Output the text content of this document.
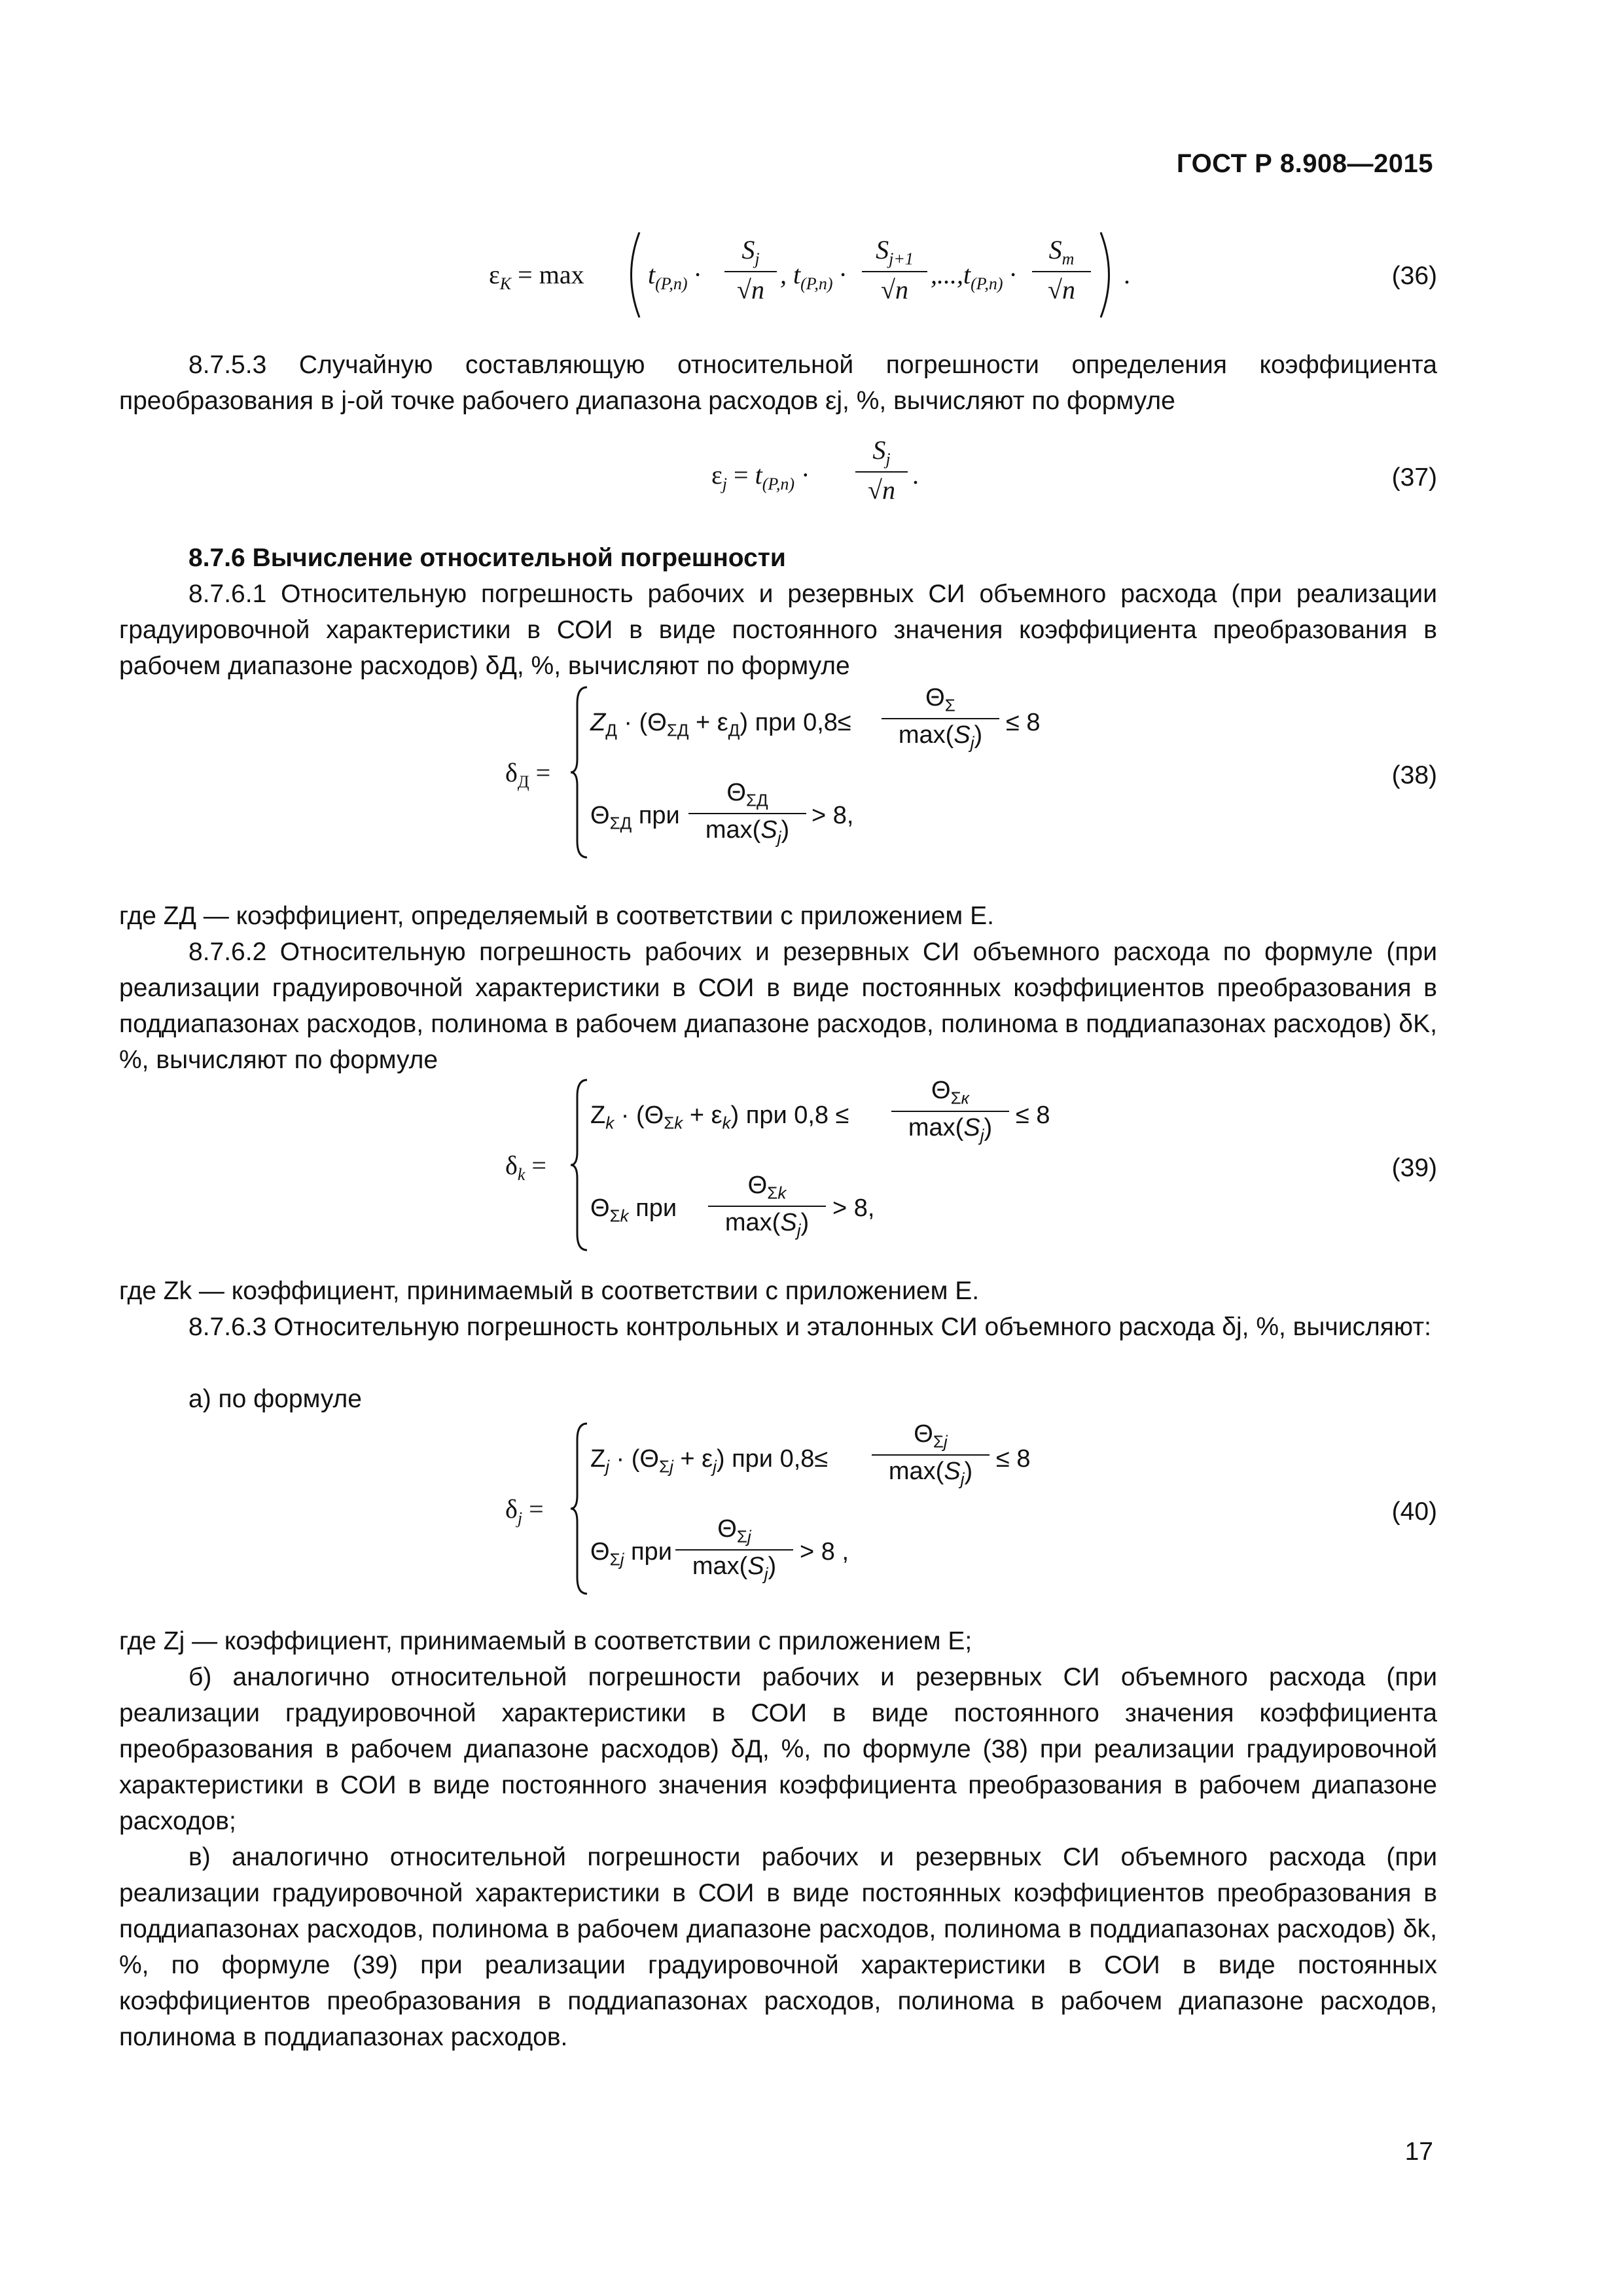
ГОСТ Р 8.908—2015
$\varepsilon_K = \max t_{(P,n)}$ ·
$S_j$
√n
, $t_{(P,n)}$ ·
$S_{j+1}$
√n
$,...,t_{(P,n)}$ ·
$S_m$
√n
.	(36)
8.7.5.3 Случайную составляющую относительной погрешности определения коэффициента преобразования в j-ой точке рабочего диапазона расходов εj, %, вычисляют по формуле
$\varepsilon_j = t_{(P,n)}$ ·
$S_j$
√n
.	(37)
8.7.6 Вычисление относительной погрешности
8.7.6.1 Относительную погрешность рабочих и резервных СИ объемного расхода (при реализации градуировочной характеристики в СОИ в виде постоянного значения коэффициента преобразования в рабочем диапазоне расходов) δД, %, вычисляют по формуле
$\delta_Д$ =
$Z_Д \cdot (\Theta_{\Sigma Д} + \varepsilon_Д)$ при 0,8≤
$\Theta_\Sigma$
$\max(S_j) \le 8$
$\Theta_{\Sigma Д}$ при
$\Theta_{\Sigma Д}$
$\max(S_j)$
> 8,
(38)
где ZД — коэффициент, определяемый в соответствии с приложением Е.
8.7.6.2 Относительную погрешность рабочих и резервных СИ объемного расхода по формуле (при реализации градуировочной характеристики в СОИ в виде постоянных коэффициентов преобразования в поддиапазонах расходов, полинома в рабочем диапазоне расходов, полинома в поддиапазонах расходов) δK, %, вычисляют по формуле
$\delta_k$ =
$Z_k \cdot (\Theta_{\Sigma k} + \varepsilon_k)$ при 0,8 ≤
$\Theta_{\Sigma к}$
$\max(S_j) \le 8$
$\Theta_{\Sigma k}$ при
$\Theta_{\Sigma k}$
$\max(S_j)$
> 8,
(39)
где Zk — коэффициент, принимаемый в соответствии с приложением Е.
8.7.6.3 Относительную погрешность контрольных и эталонных СИ объемного расхода δj, %, вычисляют:
а) по формуле
$\delta_j$ =
$Z_j \cdot (\Theta_{\Sigma j} + \varepsilon_j)$ при 0,8≤
$\Theta_{\Sigma j}$
$\max(S_j) \le 8$
$\Theta_{\Sigma j}$ при
$\Theta_{\Sigma j}$
$\max(S_j)$
> 8 ,
(40)
где Zj — коэффициент, принимаемый в соответствии с приложением Е;
б) аналогично относительной погрешности рабочих и резервных СИ объемного расхода (при реализации градуировочной характеристики в СОИ в виде постоянного значения коэффициента преобразования в рабочем диапазоне расходов) δД, %, по формуле (38) при реализации градуировочной характеристики в СОИ в виде постоянного значения коэффициента преобразования в рабочем диапазоне расходов;
в) аналогично относительной погрешности рабочих и резервных СИ объемного расхода (при реализации градуировочной характеристики в СОИ в виде постоянных коэффициентов преобразования в поддиапазонах расходов, полинома в рабочем диапазоне расходов, полинома в поддиапазонах расходов) δk, %, по формуле (39) при реализации градуировочной характеристики в СОИ в виде постоянных коэффициентов преобразования в поддиапазонах расходов, полинома в рабочем диапазоне расходов, полинома в поддиапазонах расходов.
17
